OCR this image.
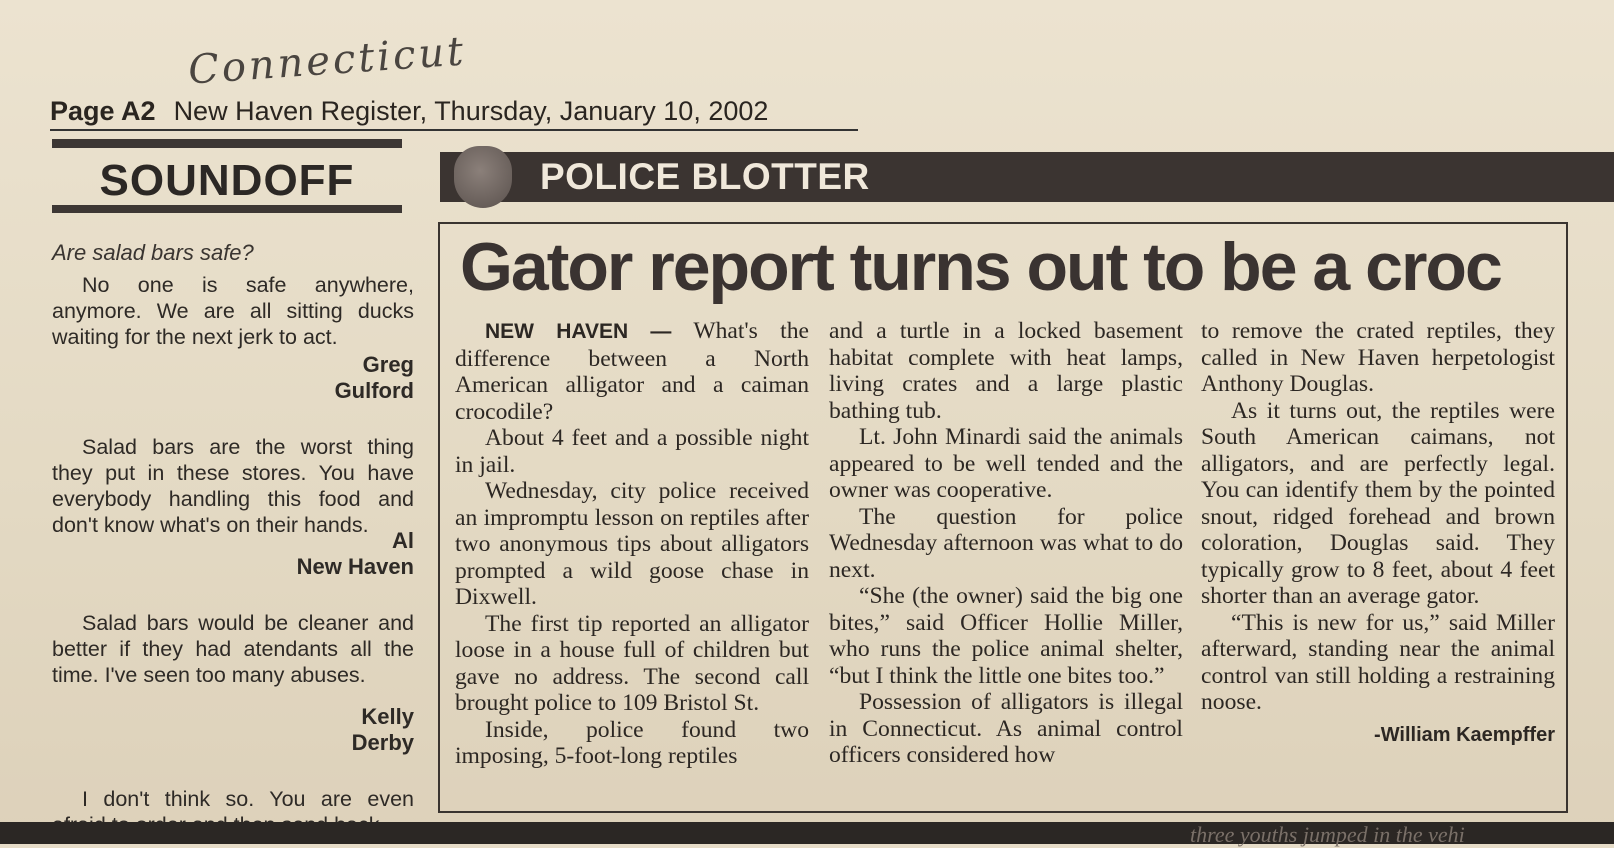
Connecticut
Page A2 New Haven Register, Thursday, January 10, 2002
SOUNDOFF
Are salad bars safe?
No one is safe anywhere, anymore. We are all sitting ducks waiting for the next jerk to act.
Greg
Gulford
Salad bars are the worst thing they put in these stores. You have everybody handling this food and don't know what's on their hands.
Al
New Haven
Salad bars would be cleaner and better if they had atendants all the time. I've seen too many abuses.
Kelly
Derby
I don't think so. You are even
POLICE BLOTTER
Gator report turns out to be a croc

NEW HAVEN — What's the difference between a North American alligator and a caiman crocodile?

About 4 feet and a possible night in jail.

Wednesday, city police received an impromptu lesson on reptiles after two anonymous tips about alligators prompted a wild goose chase in Dixwell.

The first tip reported an alligator loose in a house full of children but gave no address. The second call brought police to 109 Bristol St.

Inside, police found two imposing, 5-foot-long reptiles

and a turtle in a locked basement habitat complete with heat lamps, living crates and a large plastic bathing tub.

Lt. John Minardi said the animals appeared to be well tended and the owner was cooperative.

The question for police Wednesday afternoon was what to do next.

“She (the owner) said the big one bites,” said Officer Hollie Miller, who runs the police animal shelter, “but I think the little one bites too.”

Possession of alligators is illegal in Connecticut. As animal control officers considered how

to remove the crated reptiles, they called in New Haven herpetologist Anthony Douglas.

As it turns out, the reptiles were South American caimans, not alligators, and are perfectly legal. You can identify them by the pointed snout, ridged forehead and brown coloration, Douglas said. They typically grow to 8 feet, about 4 feet shorter than an average gator.

“This is new for us,” said Miller afterward, standing near the animal control van still holding a restraining noose.

-William Kaempffer
three youths jumped in the vehi
